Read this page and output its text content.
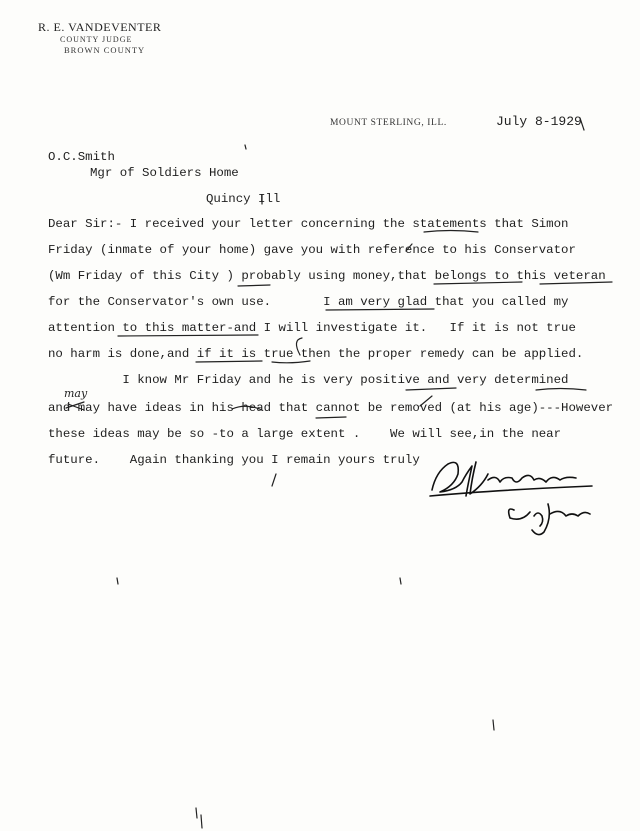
R. E. VANDEVENTER
COUNTY JUDGE
BROWN COUNTY
MOUNT STERLING, ILL.	July 8-1929
O.C.Smith
Mgr of Soldiers Home
Quincy Ill
Dear Sir:- I received your letter concerning the statements that Simon
Friday (inmate of your home) gave you with reference to his Conservator
(Wm Friday of this City ) probably using money,that belongs to this veteran
for the Conservator's own use.       I am very glad that you called my
attention to this matter-and I will investigate it.   If it is not true
no harm is done,and if it is true then the proper remedy can be applied.
I know Mr Friday and he is very positive and very determined
and may have ideas in his head that cannot be removed (at his age)---However
these ideas may be so -to a large extent .    We will see,in the near
future.    Again thanking you I remain yours truly
may
